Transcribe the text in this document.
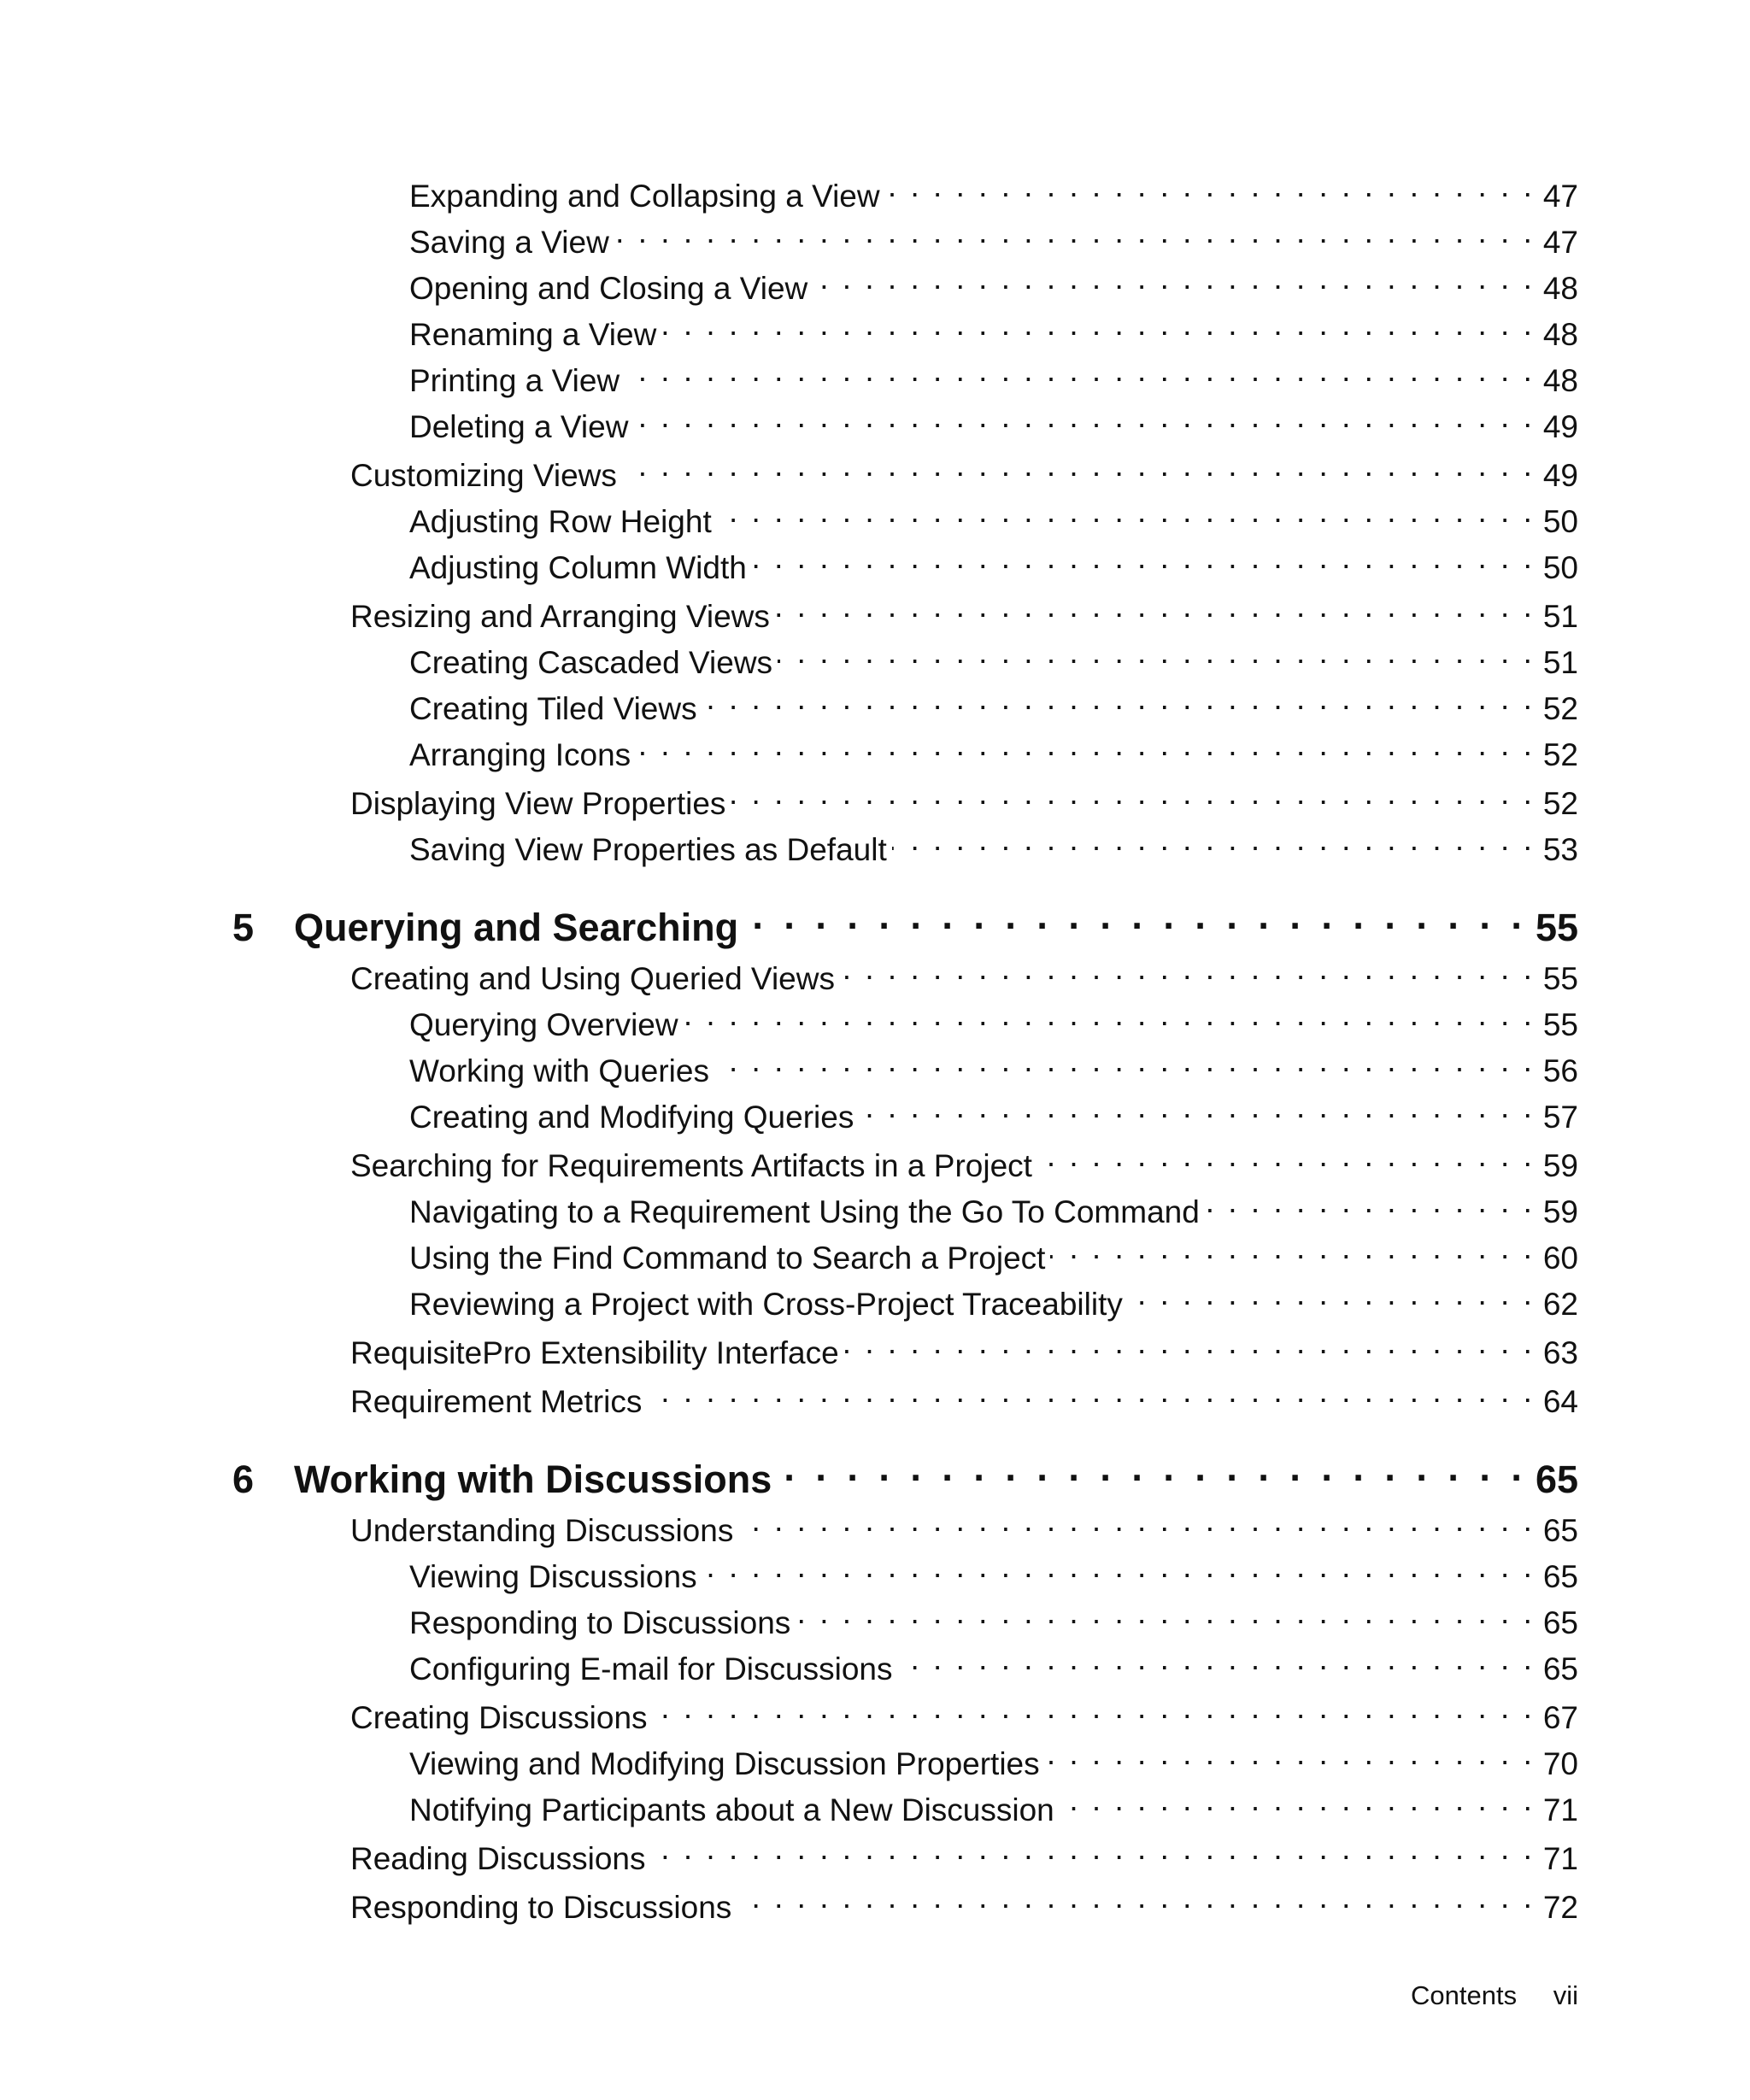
Expanding and Collapsing a View . . .	47
Saving a View . . .	47
Opening and Closing a View . . .	48
Renaming a View . . .	48
Printing a View . . .	48
Deleting a View . . .	49
Customizing Views . . .	49
Adjusting Row Height . . .	50
Adjusting Column Width . . .	50
Resizing and Arranging Views . . .	51
Creating Cascaded Views . . .	51
Creating Tiled Views . . .	52
Arranging Icons . . .	52
Displaying View Properties . . .	52
Saving View Properties as Default . . .	53
5	Querying and Searching . . .	55
Creating and Using Queried Views . . .	55
Querying Overview . . .	55
Working with Queries . . .	56
Creating and Modifying Queries . . .	57
Searching for Requirements Artifacts in a Project . . .	59
Navigating to a Requirement Using the Go To Command . . .	59
Using the Find Command to Search a Project . . .	60
Reviewing a Project with Cross-Project Traceability . . .	62
RequisitePro Extensibility Interface . . .	63
Requirement Metrics . . .	64
6	Working with Discussions . . .	65
Understanding Discussions . . .	65
Viewing Discussions . . .	65
Responding to Discussions . . .	65
Configuring E-mail for Discussions . . .	65
Creating Discussions . . .	67
Viewing and Modifying Discussion Properties . . .	70
Notifying Participants about a New Discussion . . .	71
Reading Discussions . . .	71
Responding to Discussions . . .	72
Contents vii
